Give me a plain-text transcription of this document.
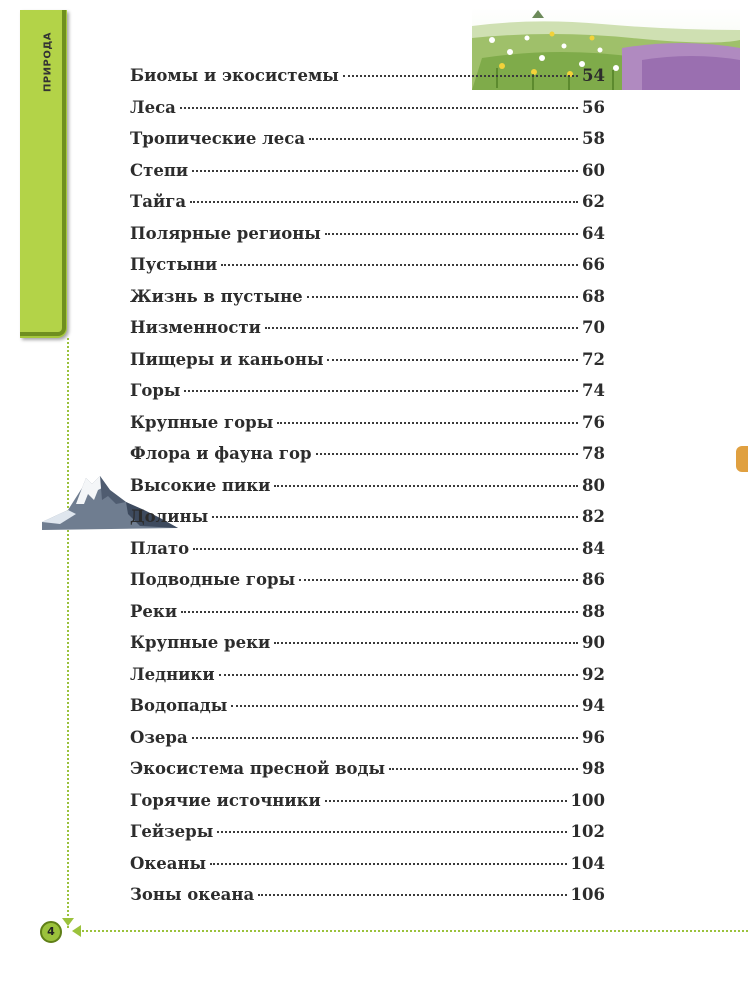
ПРИРОДА
4
Биомы и экосистемы	54
Леса	56
Тропические леса	58
Степи	60
Тайга	62
Полярные регионы	64
Пустыни	66
Жизнь в пустыне	68
Низменности	70
Пищеры и каньоны	72
Горы	74
Крупные горы	76
Флора и фауна гор	78
Высокие пики	80
Долины	82
Плато	84
Подводные горы	86
Реки	88
Крупные реки	90
Ледники	92
Водопады	94
Озера	96
Экосистема пресной воды	98
Горячие источники	100
Гейзеры	102
Океаны	104
Зоны океана	106
